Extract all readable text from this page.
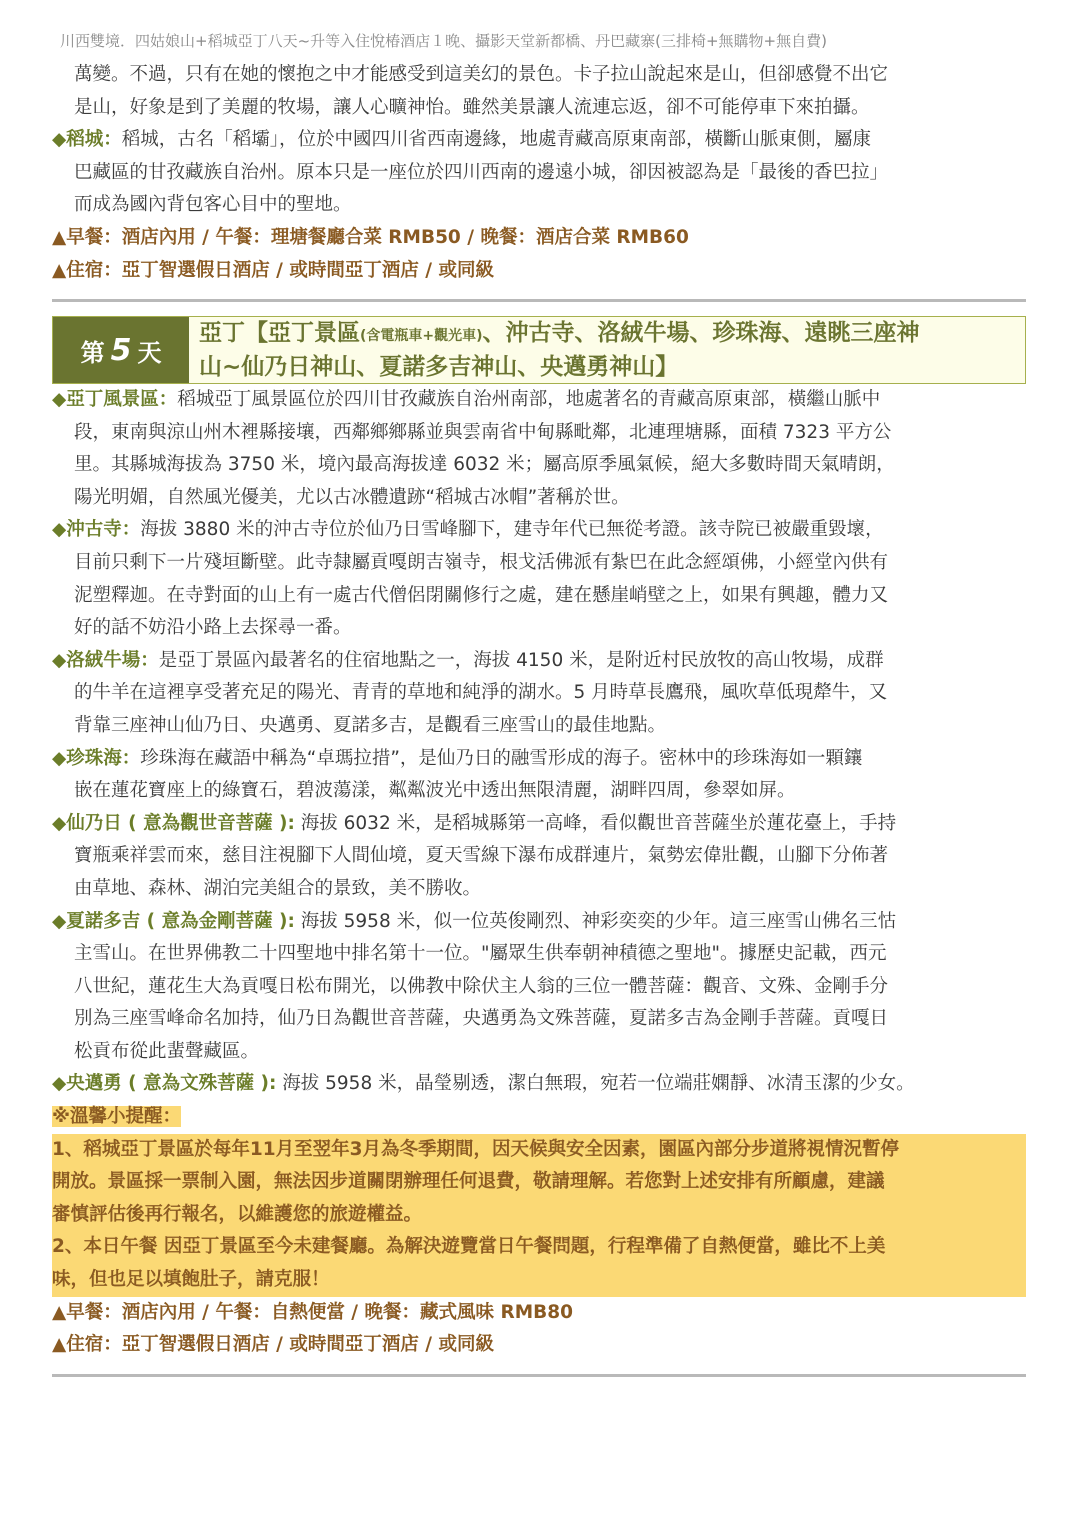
川西雙境．四姑娘山+稻城亞丁八天~升等入住悅椿酒店１晚、攝影天堂新都橋、丹巴藏寨(三排椅+無購物+無自費)

萬變。不過，只有在她的懷抱之中才能感受到這美幻的景色。卡子拉山說起來是山，但卻感覺不出它

是山，好象是到了美麗的牧場，讓人心曠神怡。雖然美景讓人流連忘返，卻不可能停車下來拍攝。

◆稻城：稻城，古名「稻壩」，位於中國四川省西南邊緣，地處青藏高原東南部，橫斷山脈東側，屬康

巴藏區的甘孜藏族自治州。原本只是一座位於四川西南的邊遠小城，卻因被認為是「最後的香巴拉」

而成為國內背包客心目中的聖地。

▲早餐：酒店內用 / 午餐：理塘餐廳合菜 RMB50 / 晚餐：酒店合菜 RMB60

▲住宿：亞丁智選假日酒店 / 或時間亞丁酒店 / 或同級

第 5 天
亞丁【亞丁景區(含電瓶車+觀光車)、沖古寺、洛絨牛場、珍珠海、遠眺三座神
山~仙乃日神山、夏諾多吉神山、央邁勇神山】

◆亞丁風景區：稻城亞丁風景區位於四川甘孜藏族自治州南部，地處著名的青藏高原東部，橫繼山脈中

段，東南與涼山州木裡縣接壤，西鄰鄉鄉縣並與雲南省中甸縣毗鄰，北連理塘縣，面積 7323 平方公

里。其縣城海拔為 3750 米，境內最高海拔達 6032 米；屬高原季風氣候，絕大多數時間天氣晴朗，

陽光明媚，自然風光優美，尤以古冰體遺跡“稻城古冰帽”著稱於世。

◆沖古寺：海拔 3880 米的沖古寺位於仙乃日雪峰腳下，建寺年代已無從考證。該寺院已被嚴重毀壞，

目前只剩下一片殘垣斷壁。此寺隸屬貢嘎朗吉嶺寺，根戈活佛派有紮巴在此念經頌佛，小經堂內供有

泥塑釋迦。在寺對面的山上有一處古代僧侶閉關修行之處，建在懸崖峭壁之上，如果有興趣，體力又

好的話不妨沿小路上去探尋一番。

◆洛絨牛場：是亞丁景區內最著名的住宿地點之一，海拔 4150 米，是附近村民放牧的高山牧場，成群

的牛羊在這裡享受著充足的陽光、青青的草地和純淨的湖水。5 月時草長鷹飛，風吹草低現犛牛，又

背靠三座神山仙乃日、央邁勇、夏諾多吉，是觀看三座雪山的最佳地點。

◆珍珠海：珍珠海在藏語中稱為“卓瑪拉措”，是仙乃日的融雪形成的海子。密林中的珍珠海如一顆鑲

嵌在蓮花寶座上的綠寶石，碧波蕩漾，粼粼波光中透出無限清麗，湖畔四周，參翠如屏。

◆仙乃日 ( 意為觀世音菩薩 ): 海拔 6032 米，是稻城縣第一高峰，看似觀世音菩薩坐於蓮花臺上，手持

寶瓶乘祥雲而來，慈目注視腳下人間仙境，夏天雪線下瀑布成群連片，氣勢宏偉壯觀，山腳下分佈著

由草地、森林、湖泊完美組合的景致，美不勝收。

◆夏諾多吉 ( 意為金剛菩薩 ): 海拔 5958 米，似一位英俊剛烈、神彩奕奕的少年。這三座雪山佛名三怙

主雪山。在世界佛教二十四聖地中排名第十一位。"屬眾生供奉朝神積德之聖地"。據歷史記載，西元

八世紀，蓮花生大為貢嘎日松布開光，以佛教中除伏主人翁的三位一體菩薩：觀音、文殊、金剛手分

別為三座雪峰命名加持，仙乃日為觀世音菩薩，央邁勇為文殊菩薩，夏諾多吉為金剛手菩薩。貢嘎日

松貢布從此蜚聲藏區。

◆央邁勇 ( 意為文殊菩薩 ): 海拔 5958 米，晶瑩剔透，潔白無瑕，宛若一位端莊嫻靜、冰清玉潔的少女。

※溫馨小提醒：

1、稻城亞丁景區於每年11月至翌年3月為冬季期間，因天候與安全因素，園區內部分步道將視情況暫停

開放。景區採一票制入園，無法因步道關閉辦理任何退費，敬請理解。若您對上述安排有所顧慮，建議

審慎評估後再行報名，以維護您的旅遊權益。

2、本日午餐 因亞丁景區至今未建餐廳。為解決遊覽當日午餐問題，行程準備了自熱便當，雖比不上美

味，但也足以填飽肚子，請克服！

▲早餐：酒店內用 / 午餐：自熱便當 / 晚餐：藏式風味 RMB80

▲住宿：亞丁智選假日酒店 / 或時間亞丁酒店 / 或同級
